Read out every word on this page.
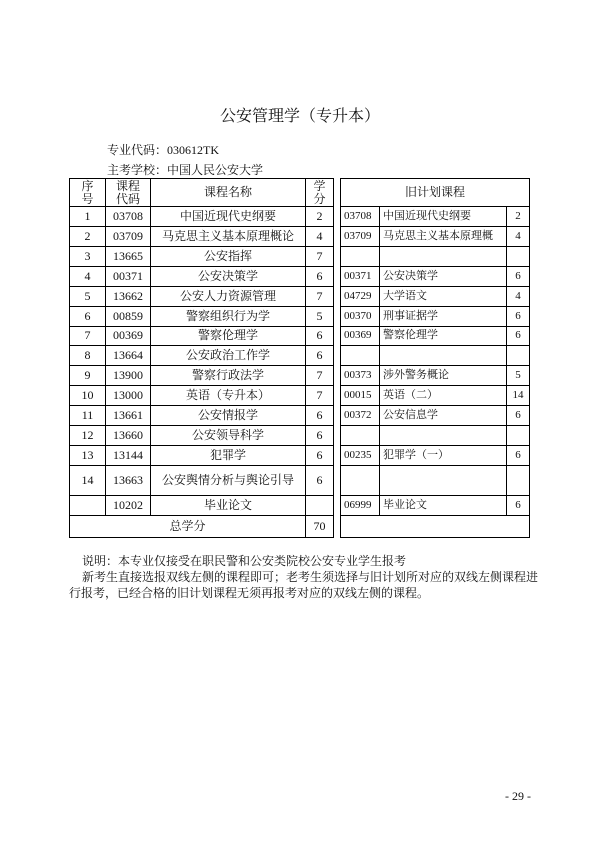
公安管理学（专升本）
专业代码：030612TK
主考学校：中国人民公安大学
序号	课程代码	课程名称	学分
1	03708	中国近现代史纲要	2
2	03709	马克思主义基本原理概论	4
3	13665	公安指挥	7
4	00371	公安决策学	6
5	13662	公安人力资源管理	7
6	00859	警察组织行为学	5
7	00369	警察伦理学	6
8	13664	公安政治工作学	6
9	13900	警察行政法学	7
10	13000	英语（专升本）	7
11	13661	公安情报学	6
12	13660	公安领导科学	6
13	13144	犯罪学	6
14	13663	公安舆情分析与舆论引导	6
	10202	毕业论文	
总学分			70
旧计划课程		
03708	中国近现代史纲要	2
03709	马克思主义基本原理概	4

00371	公安决策学	6
04729	大学语文	4
00370	刑事证据学	6
00369	警察伦理学	6

00373	涉外警务概论	5
00015	英语（二）	14
00372	公安信息学	6

00235	犯罪学（一）	6

06999	毕业论文	6

说明：本专业仅接受在职民警和公安类院校公安专业学生报考
新考生直接选报双线左侧的课程即可；老考生须选择与旧计划所对应的双线左侧课程进
行报考，已经合格的旧计划课程无须再报考对应的双线左侧的课程。
- 29 -
